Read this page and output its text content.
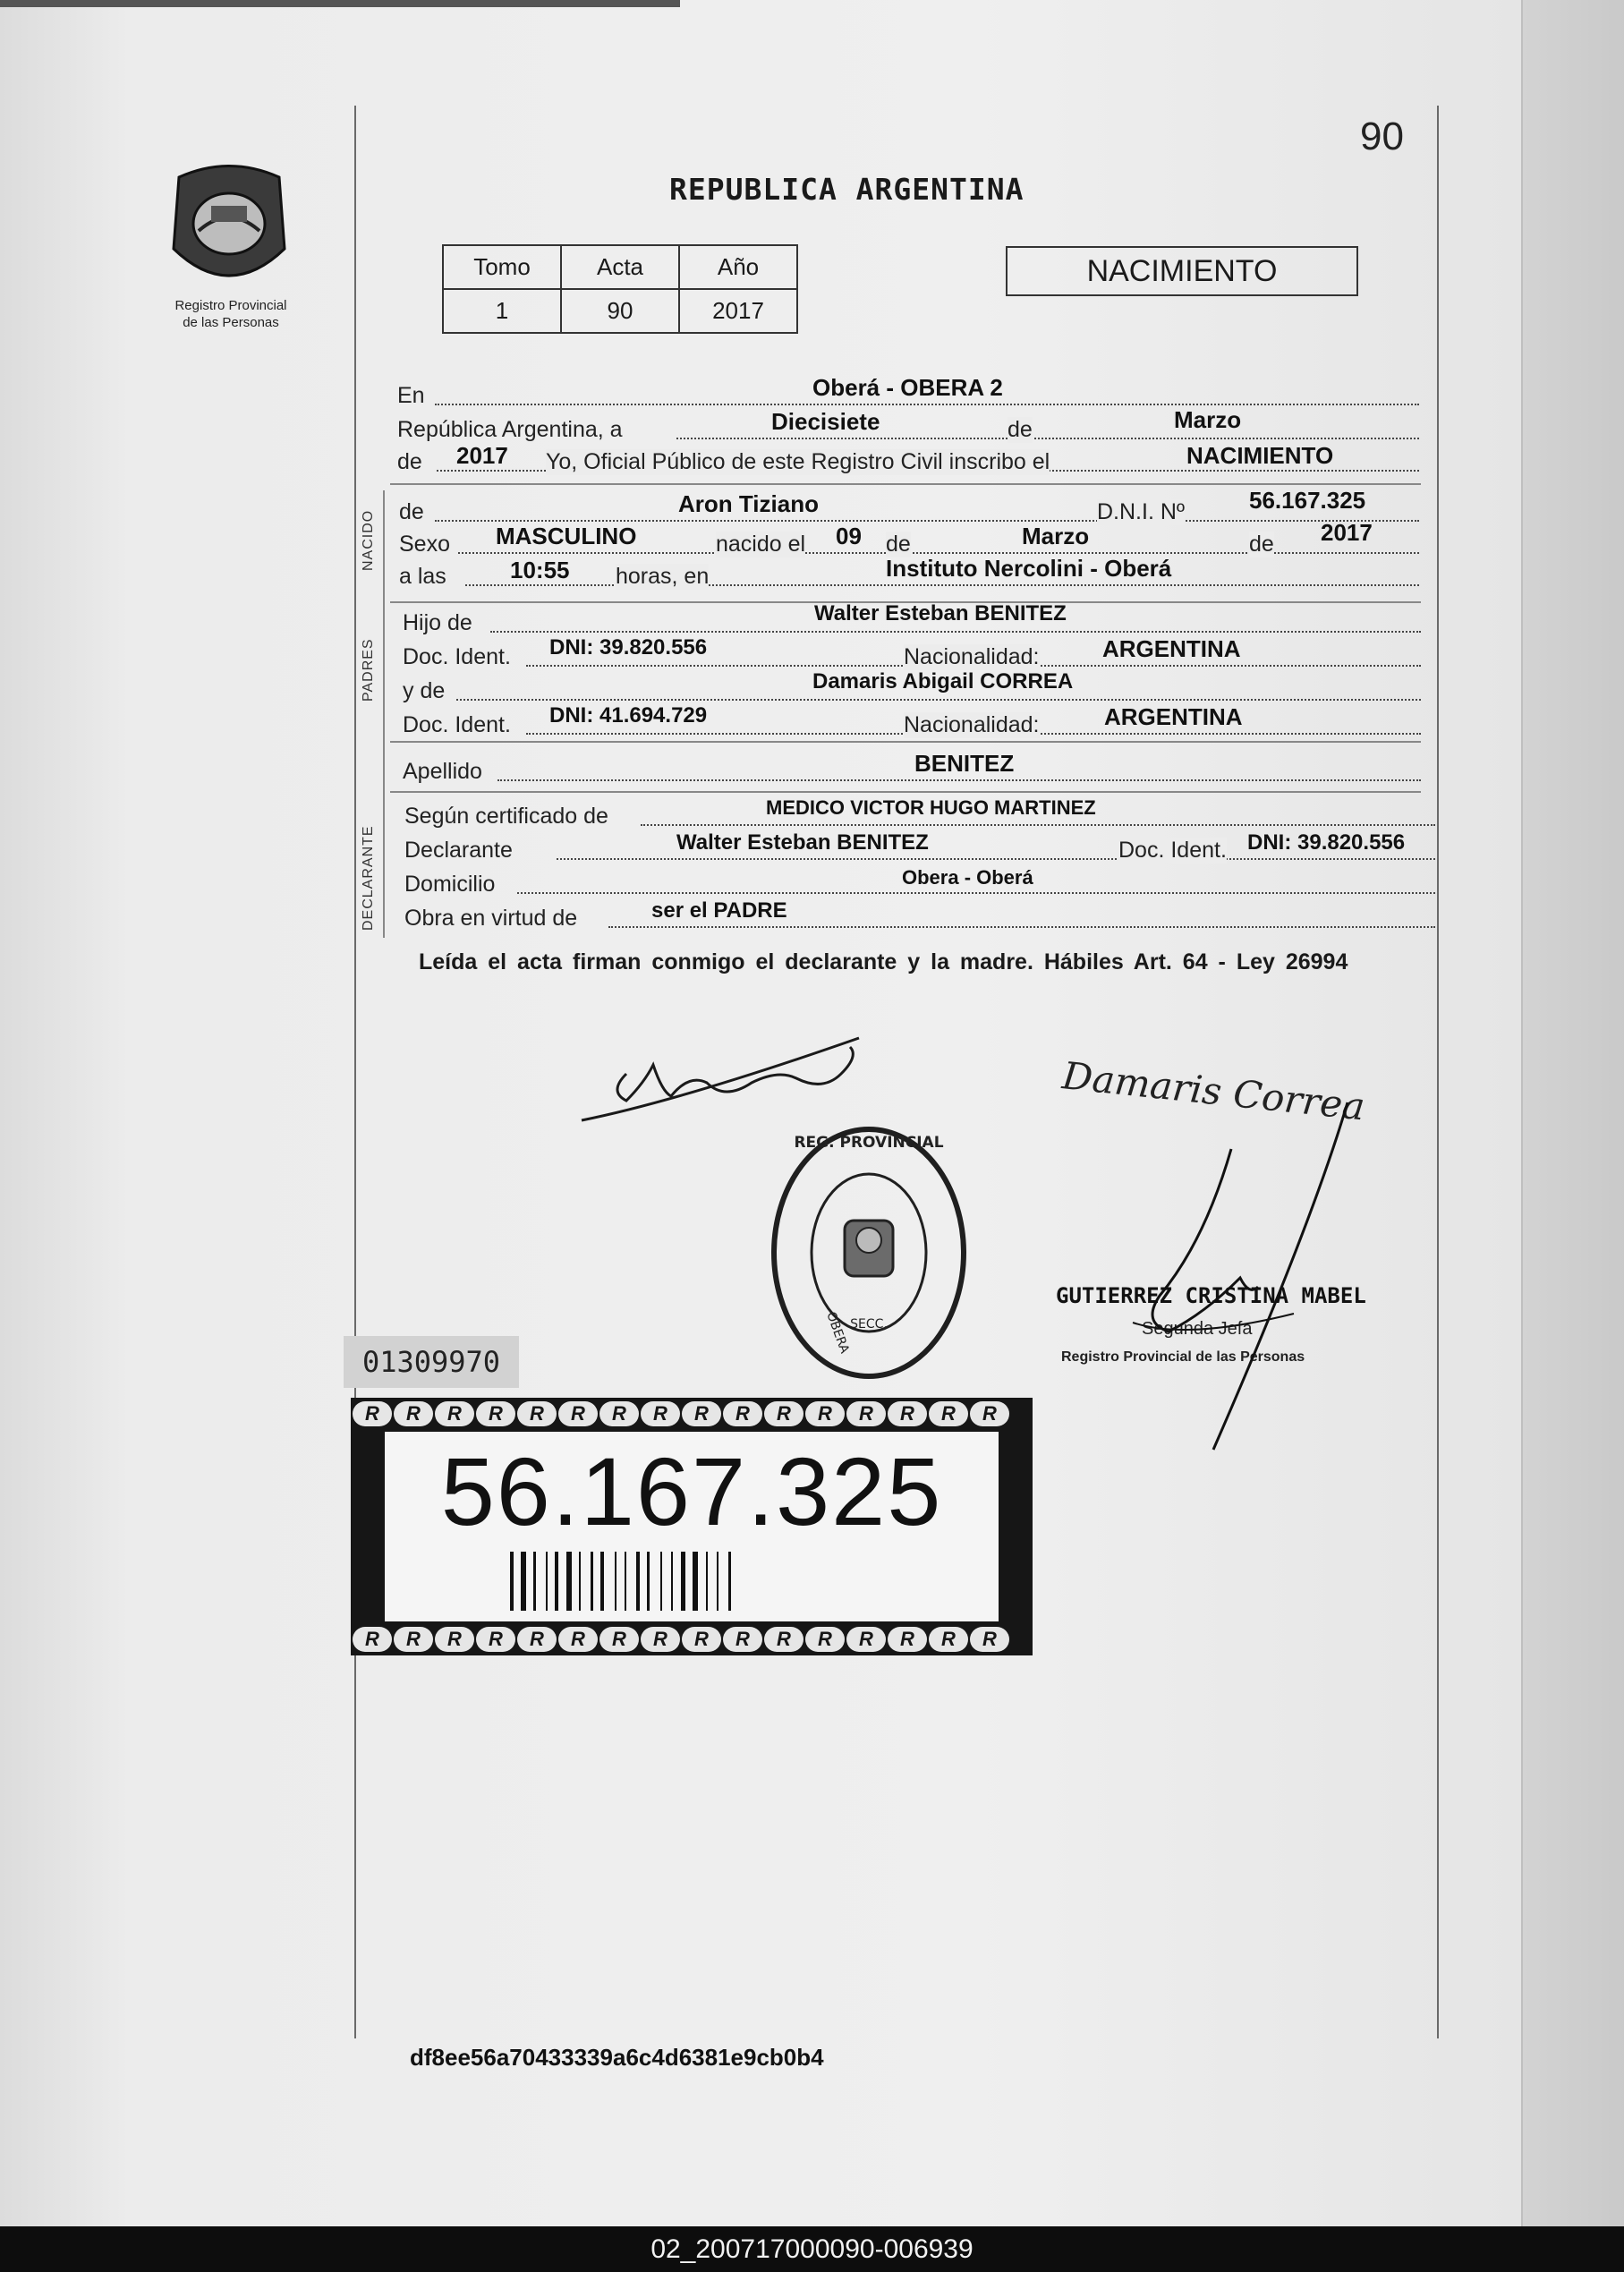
90
Registro Provincial
de las Personas
REPUBLICA ARGENTINA
Tomo	Acta	Año
1	90	2017
NACIMIENTO
En	Oberá - OBERA 2
República Argentina, a	Diecisiete	de	Marzo
de 2017 Yo, Oficial Público de este Registro Civil inscribo el	NACIMIENTO
NACIDO de	Aron Tiziano	D.N.I. Nº	56.167.325
Sexo MASCULINO	nacido el 09 de	Marzo	de 2017
a las	10:55 horas, en	Instituto Nercolini - Oberá
PADRES
Hijo de	Walter Esteban BENITEZ
Doc. Ident. DNI: 39.820.556	Nacionalidad:	ARGENTINA
y de	Damaris Abigail CORREA
Doc. Ident. DNI: 41.694.729	Nacionalidad:	ARGENTINA
Apellido	BENITEZ
DECLARANTE
Según certificado de	MEDICO VICTOR HUGO MARTINEZ
Declarante	Walter Esteban BENITEZ	Doc. Ident. DNI: 39.820.556
Domicilio	Obera - Oberá
Obra en virtud de	ser el PADRE
Leída el acta firman conmigo el declarante y la madre. Hábiles Art. 64 - Ley 26994
Damaris Correa
REG. PROVINCIAL
OBERA
SECC.
GUTIERREZ CRISTINA MABEL
Segunda Jefa
Registro Provincial de las Personas
01309970
R	R	R	R	R	R	R	R	R	R	R	R	R	R	R	R
R	R	R	R	R	R	R	R	R	R	R	R	R	R	R	R
56.167.325
df8ee56a70433339a6c4d6381e9cb0b4
02_200717000090-006939
